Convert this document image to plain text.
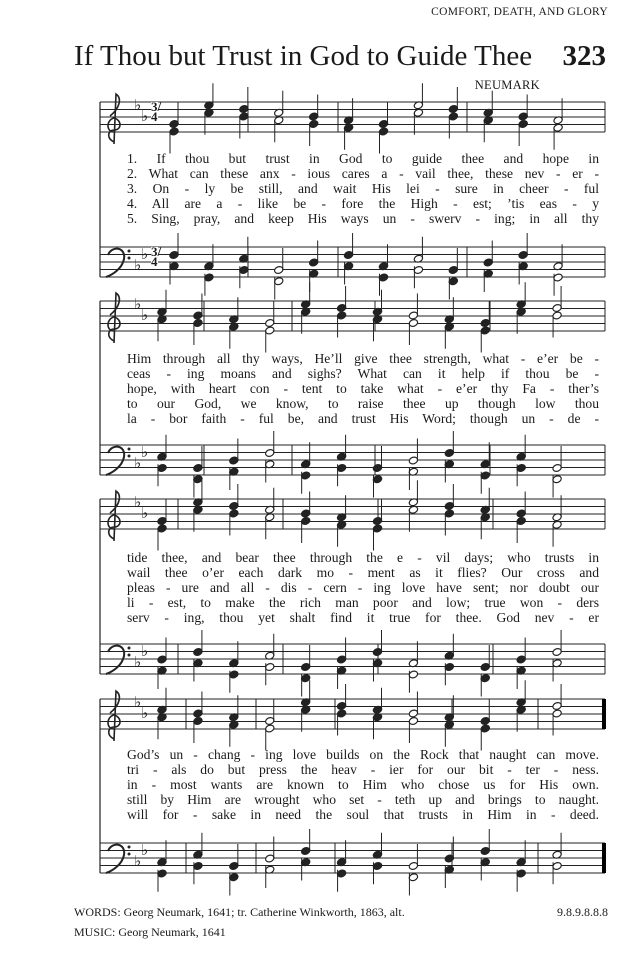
COMFORT, DEATH, AND GLORY
If Thou but Trust in God to Guide Thee 323
NEUMARK
♭
♭
♭
♭
♭
♭
♭
♭
♭
♭
♭
♭
♭
♭
♭
♭
3/4
3/4
1. If thou but trust in God to guide thee and hope in
2. What can these anx - ious cares a - vail thee, these nev - er -
3. On - ly be still, and wait His lei - sure in cheer - ful
4. All are a - like be - fore the High - est; ’tis eas - y
5. Sing, pray, and keep His ways un - swerv - ing; in all thy
Him through all thy ways, He’ll give thee strength, what - e’er be -
ceas - ing moans and sighs? What can it help if thou be -
hope, with heart con - tent to take what - e’er thy Fa - ther’s
to our God, we know, to raise thee up though low thou
la - bor faith - ful be, and trust His Word; though un - de -
tide thee, and bear thee through the e - vil days; who trusts in
wail thee o’er each dark mo - ment as it flies? Our cross and
pleas - ure and all - dis - cern - ing love have sent; nor doubt our
li - est, to make the rich man poor and low; true won - ders
serv - ing, thou yet shalt find it true for thee. God nev - er
God’s un - chang - ing love builds on the Rock that naught can move.
tri - als do but press the heav - ier for our bit - ter - ness.
in - most wants are known to Him who chose us for His own.
still by Him are wrought who set - teth up and brings to naught.
will for - sake in need the soul that trusts in Him in - deed.
WORDS: Georg Neumark, 1641; tr. Catherine Winkworth, 1863, alt.
MUSIC: Georg Neumark, 1641
9.8.9.8.8.8
